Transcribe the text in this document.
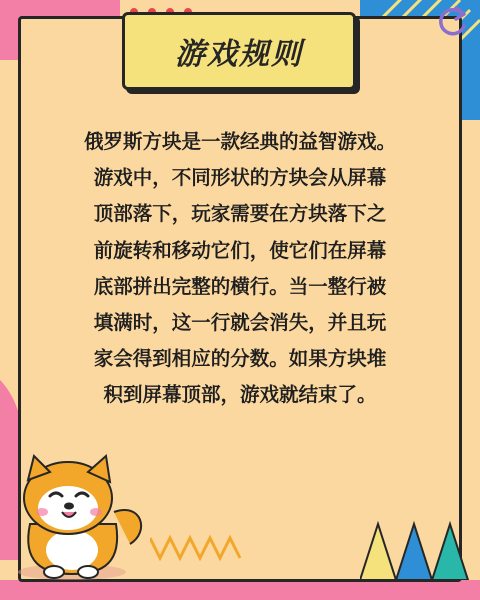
游戏规则
俄罗斯方块是一款经典的益智游戏。
游戏中，不同形状的方块会从屏幕
顶部落下，玩家需要在方块落下之
前旋转和移动它们，使它们在屏幕
底部拼出完整的横行。当一整行被
填满时，这一行就会消失，并且玩
家会得到相应的分数。如果方块堆
积到屏幕顶部，游戏就结束了。
